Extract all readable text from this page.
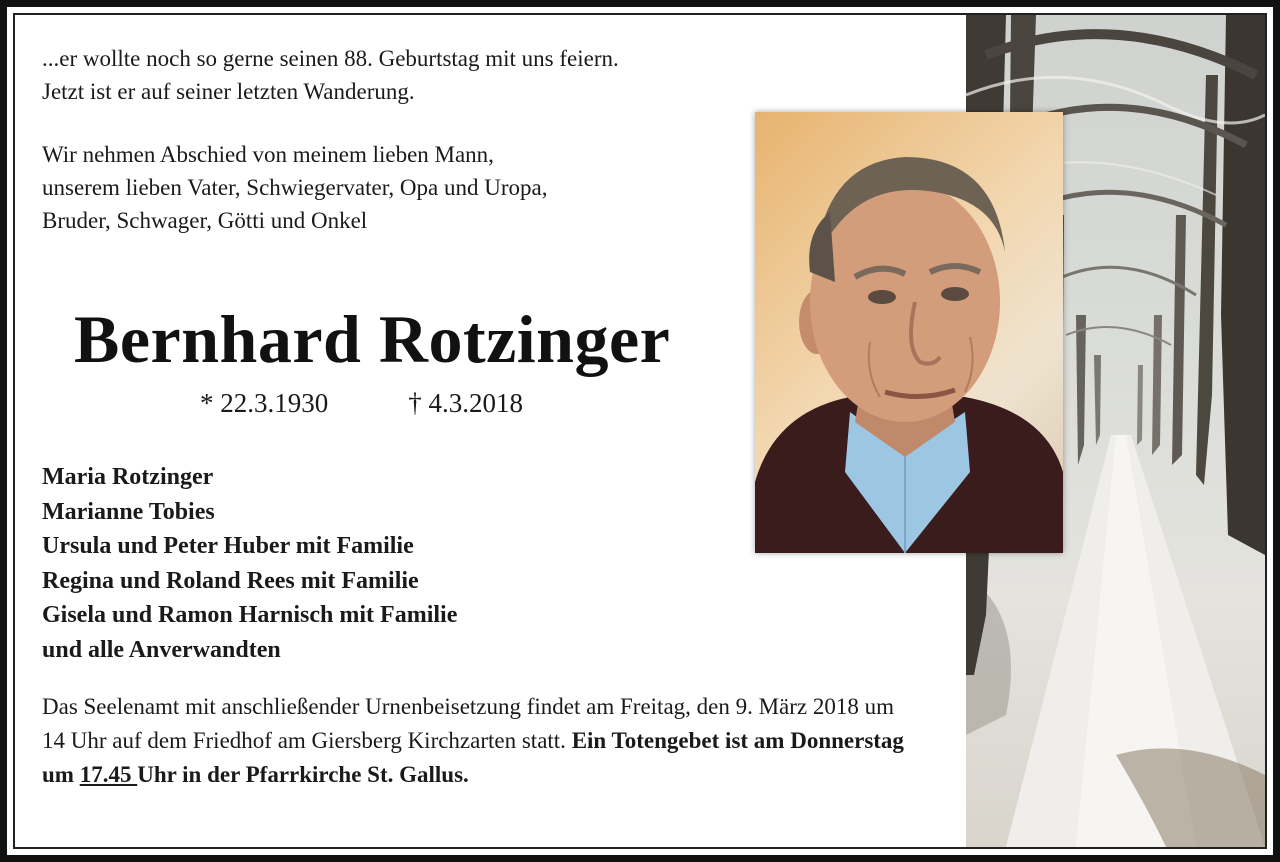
...er wollte noch so gerne seinen 88. Geburtstag mit uns feiern.
Jetzt ist er auf seiner letzten Wanderung.

Wir nehmen Abschied von meinem lieben Mann,
unserem lieben Vater, Schwiegervater, Opa und Uropa,
Bruder, Schwager, Götti und Onkel

Bernhard Rotzinger
* 22.3.1930	† 4.3.2018
Maria Rotzinger
Marianne Tobies
Ursula und Peter Huber mit Familie
Regina und Roland Rees mit Familie
Gisela und Ramon Harnisch mit Familie
und alle Anverwandten
Das Seelenamt mit anschließender Urnenbeisetzung findet am Freitag, den 9. März 2018 um 14 Uhr auf dem Friedhof am Giersberg Kirchzarten statt. Ein Totengebet ist am Donnerstag um 17.45 Uhr in der Pfarrkirche St. Gallus.
